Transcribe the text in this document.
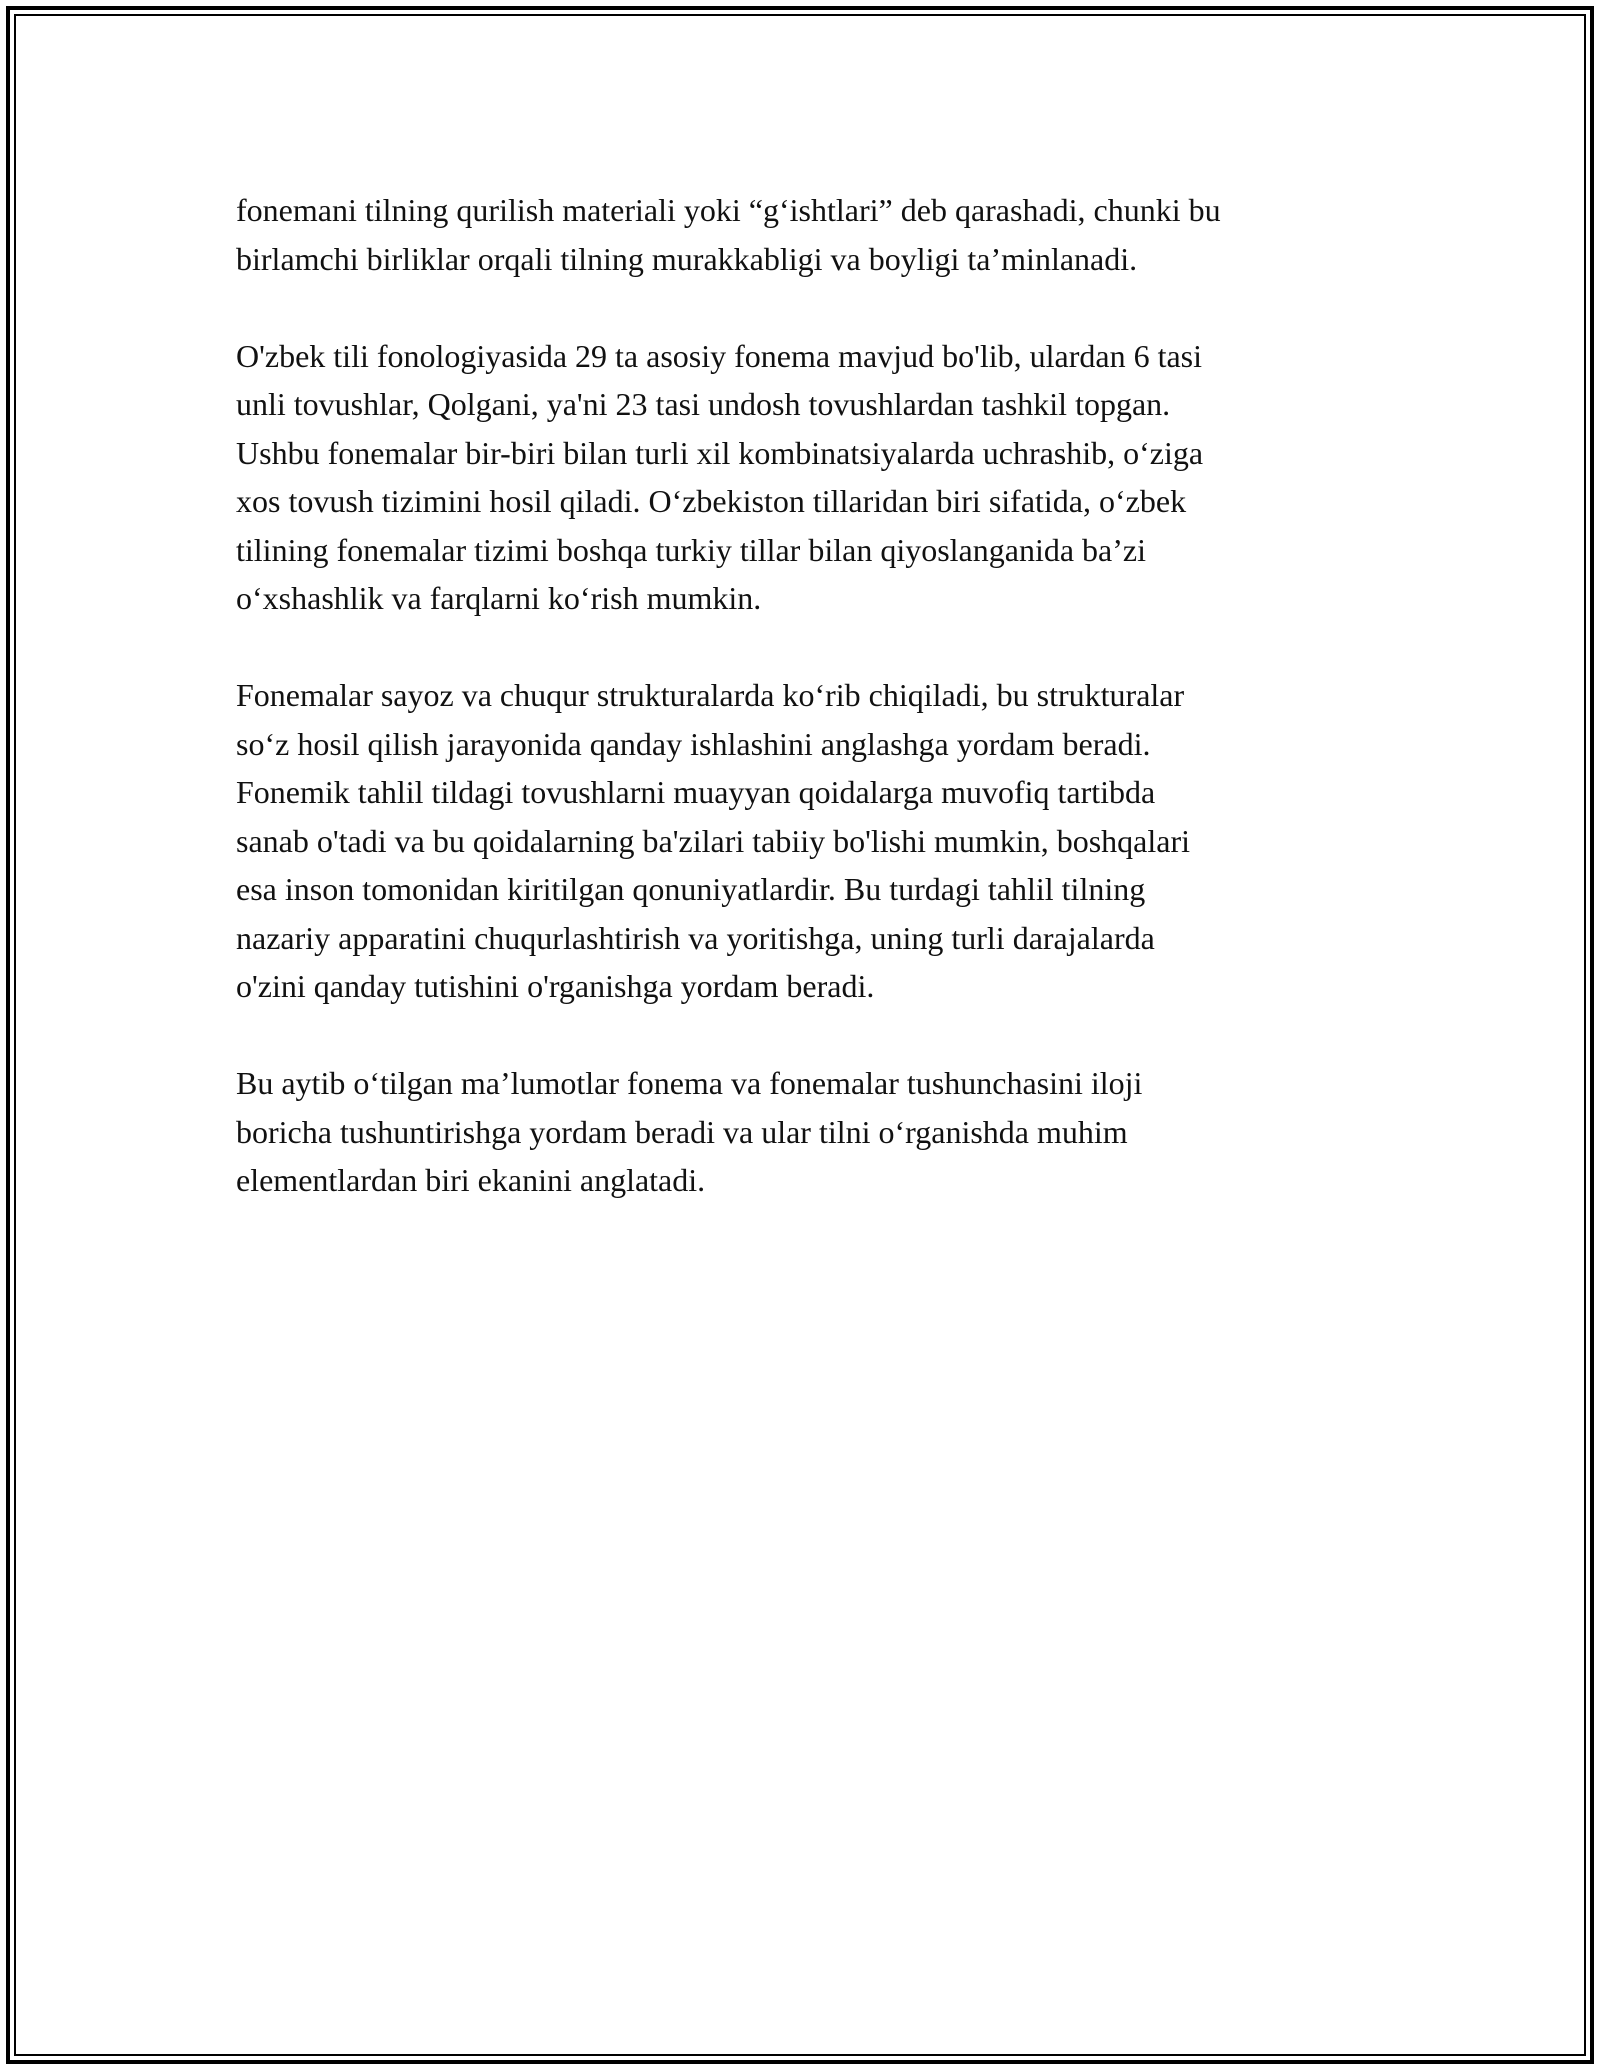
fonemani tilning qurilish materiali yoki “g‘ishtlari” deb qarashadi, chunki bu
birlamchi birliklar orqali tilning murakkabligi va boyligi ta’minlanadi.
O'zbek tili fonologiyasida 29 ta asosiy fonema mavjud bo'lib, ulardan 6 tasi
unli tovushlar, Qolgani, ya'ni 23 tasi undosh tovushlardan tashkil topgan.
Ushbu fonemalar bir-biri bilan turli xil kombinatsiyalarda uchrashib, o‘ziga
xos tovush tizimini hosil qiladi. O‘zbekiston tillaridan biri sifatida, o‘zbek
tilining fonemalar tizimi boshqa turkiy tillar bilan qiyoslanganida ba’zi
o‘xshashlik va farqlarni ko‘rish mumkin.
Fonemalar sayoz va chuqur strukturalarda ko‘rib chiqiladi, bu strukturalar
so‘z hosil qilish jarayonida qanday ishlashini anglashga yordam beradi.
Fonemik tahlil tildagi tovushlarni muayyan qoidalarga muvofiq tartibda
sanab o'tadi va bu qoidalarning ba'zilari tabiiy bo'lishi mumkin, boshqalari
esa inson tomonidan kiritilgan qonuniyatlardir. Bu turdagi tahlil tilning
nazariy apparatini chuqurlashtirish va yoritishga, uning turli darajalarda
o'zini qanday tutishini o'rganishga yordam beradi.
Bu aytib o‘tilgan ma’lumotlar fonema va fonemalar tushunchasini iloji
boricha tushuntirishga yordam beradi va ular tilni o‘rganishda muhim
elementlardan biri ekanini anglatadi.
